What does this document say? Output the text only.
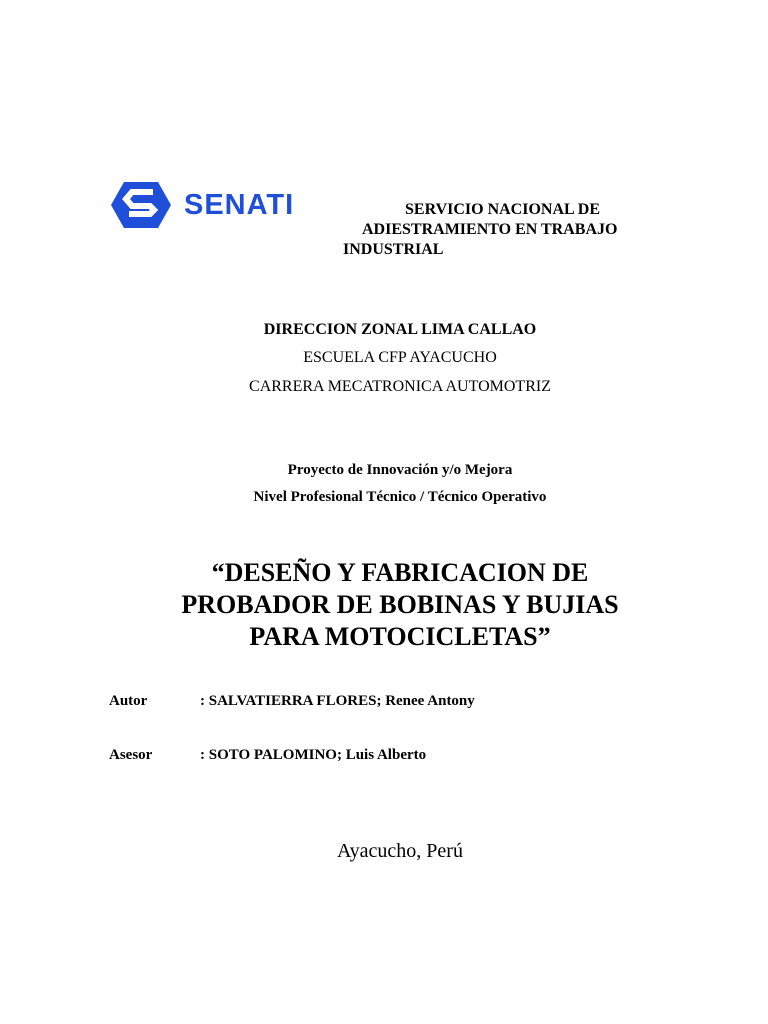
SENATI	SERVICIO NACIONAL DE
ADIESTRAMIENTO EN TRABAJO
INDUSTRIAL
DIRECCION ZONAL LIMA CALLAO
ESCUELA CFP AYACUCHO
CARRERA MECATRONICA AUTOMOTRIZ
Proyecto de Innovación y/o Mejora
Nivel Profesional Técnico / Técnico Operativo
“DESEÑO Y FABRICACION DE
PROBADOR DE BOBINAS Y BUJIAS
PARA MOTOCICLETAS”
Autor	: SALVATIERRA FLORES; Renee Antony
Asesor	: SOTO PALOMINO; Luis Alberto
Ayacucho, Perú
